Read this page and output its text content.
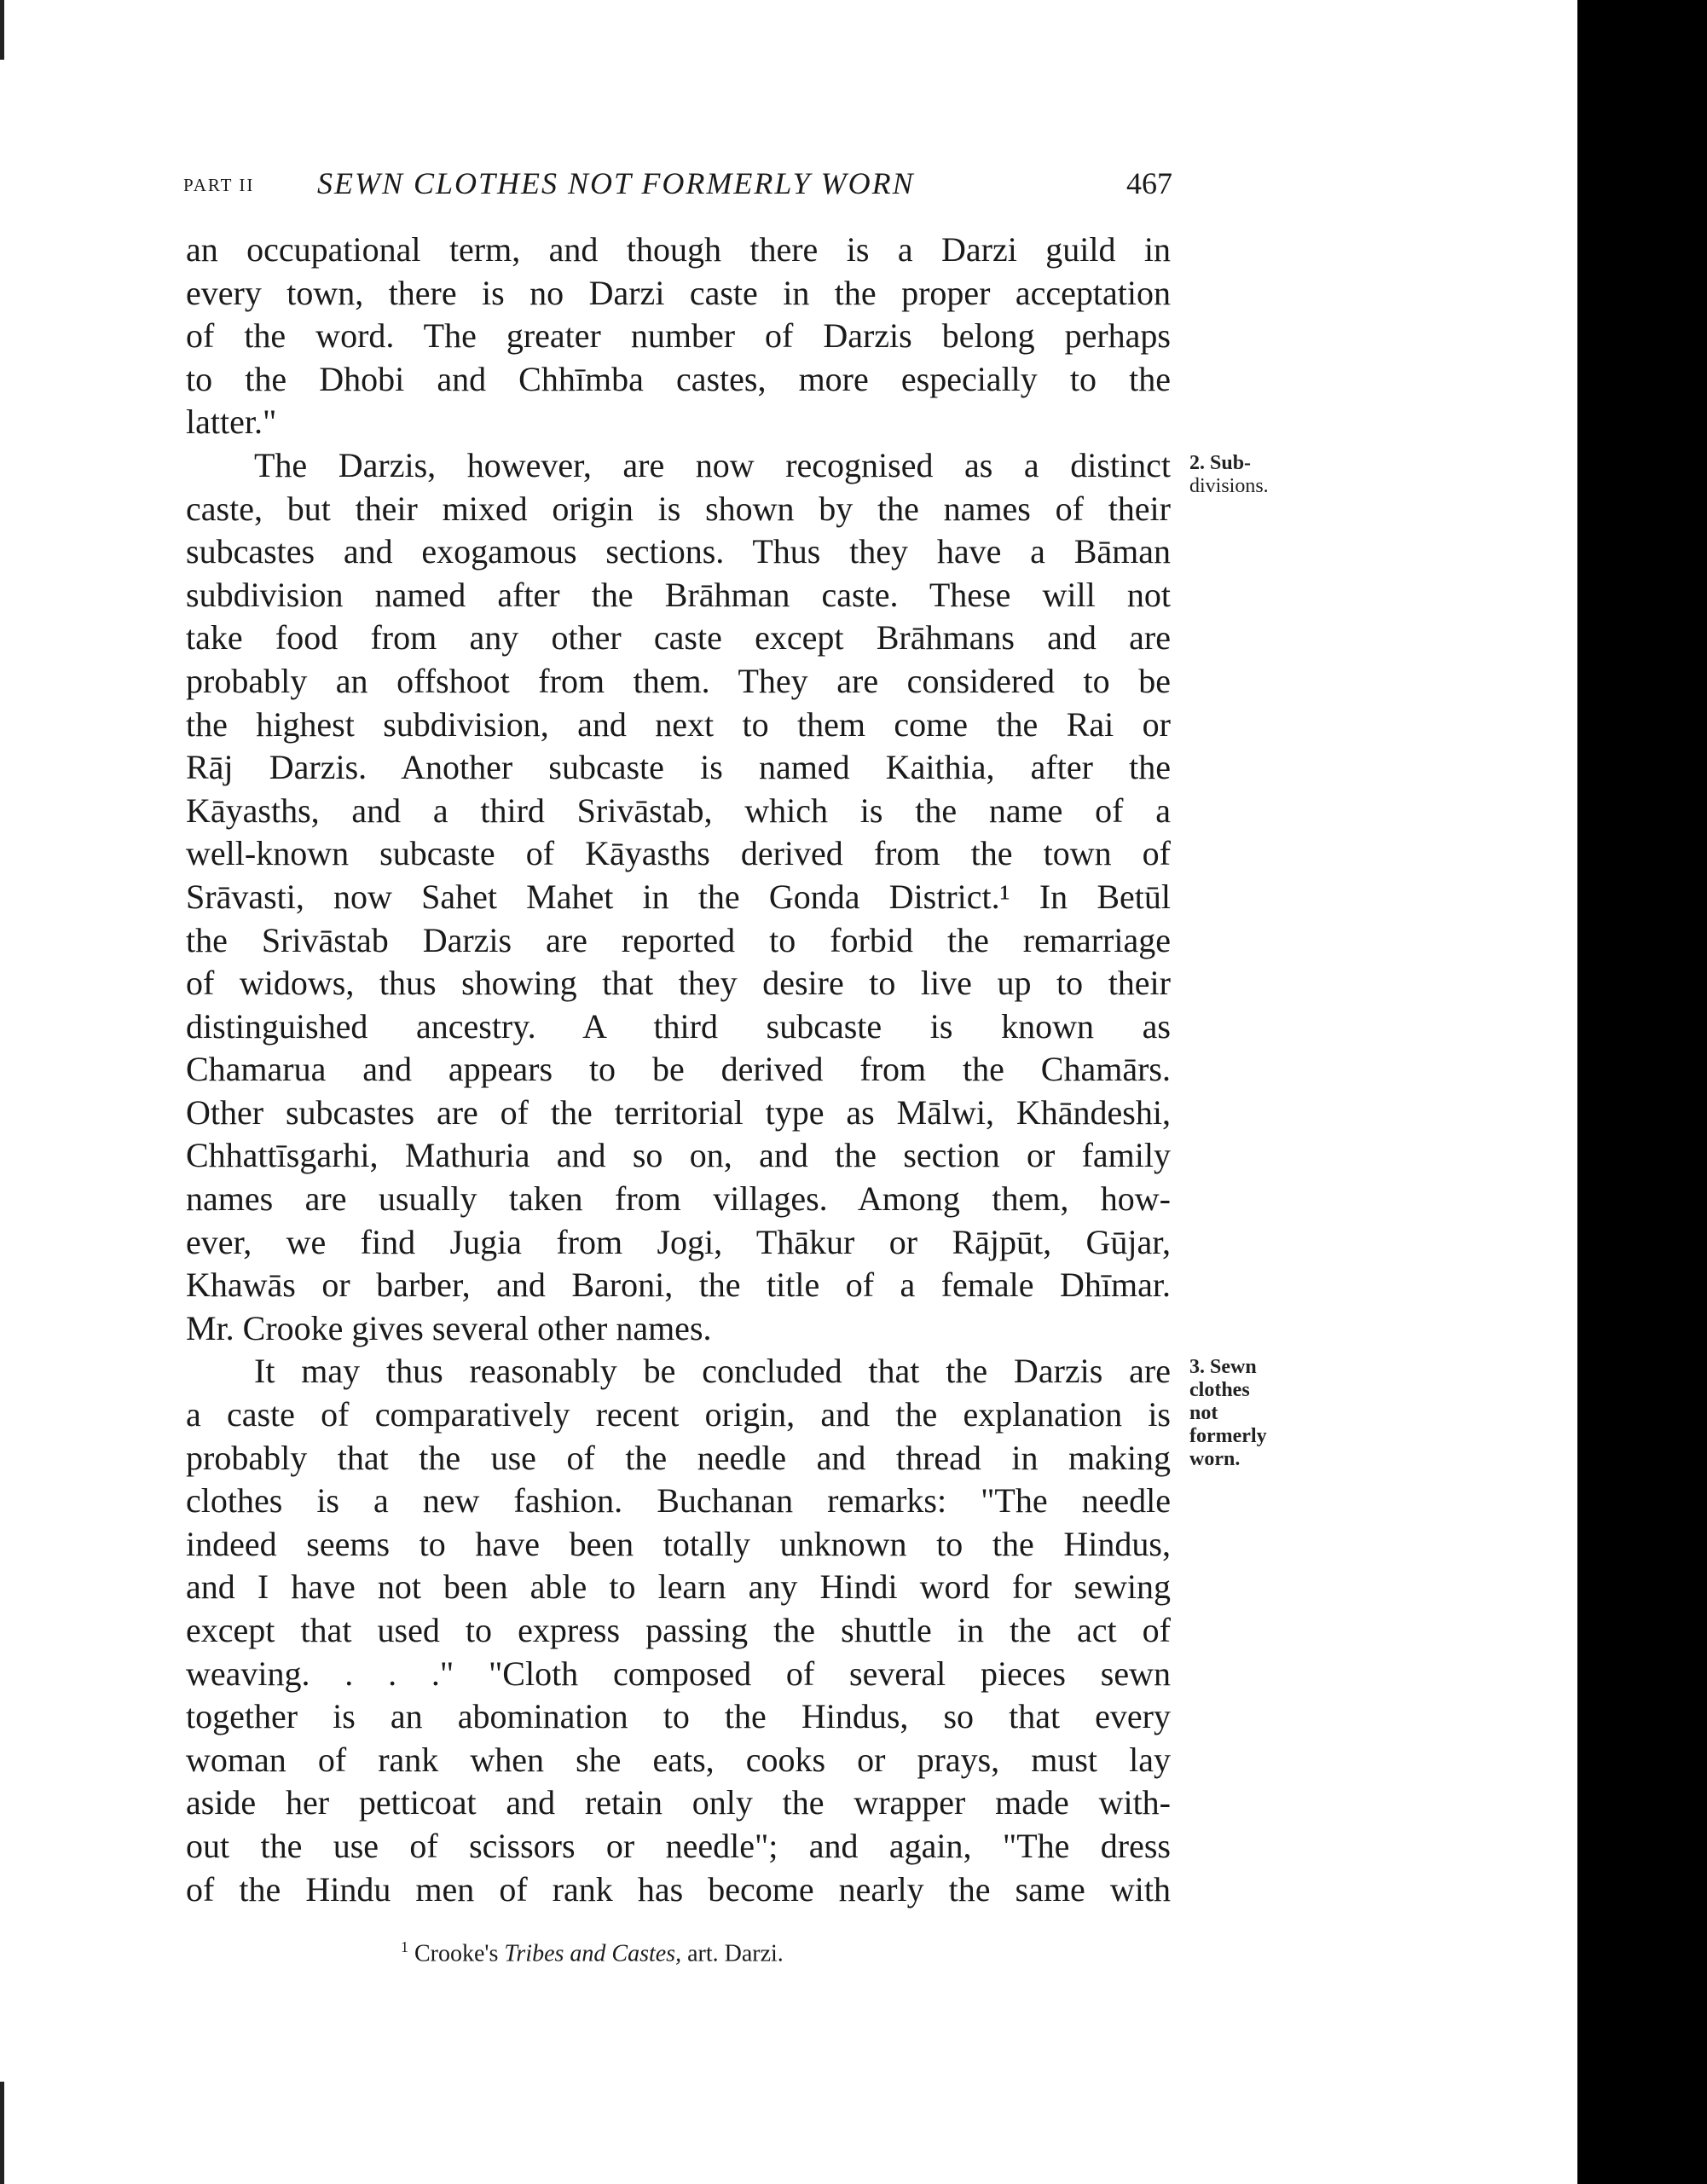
PART II SEWN CLOTHES NOT FORMERLY WORN	467
an occupational term, and though there is a Darzi guild in
every town, there is no Darzi caste in the proper acceptation
of the word. The greater number of Darzis belong perhaps
to the Dhobi and Chhīmba castes, more especially to the
latter."
The Darzis, however, are now recognised as a distinct
caste, but their mixed origin is shown by the names of their
subcastes and exogamous sections. Thus they have a Bāman
subdivision named after the Brāhman caste. These will not
take food from any other caste except Brāhmans and are
probably an offshoot from them. They are considered to be
the highest subdivision, and next to them come the Rai or
Rāj Darzis. Another subcaste is named Kaithia, after the
Kāyasths, and a third Srivāstab, which is the name of a
well-known subcaste of Kāyasths derived from the town of
Srāvasti, now Sahet Mahet in the Gonda District.¹ In Betūl
the Srivāstab Darzis are reported to forbid the remarriage
of widows, thus showing that they desire to live up to their
distinguished ancestry. A third subcaste is known as
Chamarua and appears to be derived from the Chamārs.
Other subcastes are of the territorial type as Mālwi, Khāndeshi,
Chhattīsgarhi, Mathuria and so on, and the section or family
names are usually taken from villages. Among them, how-
ever, we find Jugia from Jogi, Thākur or Rājpūt, Gūjar,
Khawās or barber, and Baroni, the title of a female Dhīmar.
Mr. Crooke gives several other names.
It may thus reasonably be concluded that the Darzis are
a caste of comparatively recent origin, and the explanation is
probably that the use of the needle and thread in making
clothes is a new fashion. Buchanan remarks: "The needle
indeed seems to have been totally unknown to the Hindus,
and I have not been able to learn any Hindi word for sewing
except that used to express passing the shuttle in the act of
weaving. . . ." "Cloth composed of several pieces sewn
together is an abomination to the Hindus, so that every
woman of rank when she eats, cooks or prays, must lay
aside her petticoat and retain only the wrapper made with-
out the use of scissors or needle"; and again, "The dress
of the Hindu men of rank has become nearly the same with
2. Sub-
divisions.
3. Sewn
clothes
not
formerly
worn.
$^1$ Crooke's Tribes and Castes, art. Darzi.
